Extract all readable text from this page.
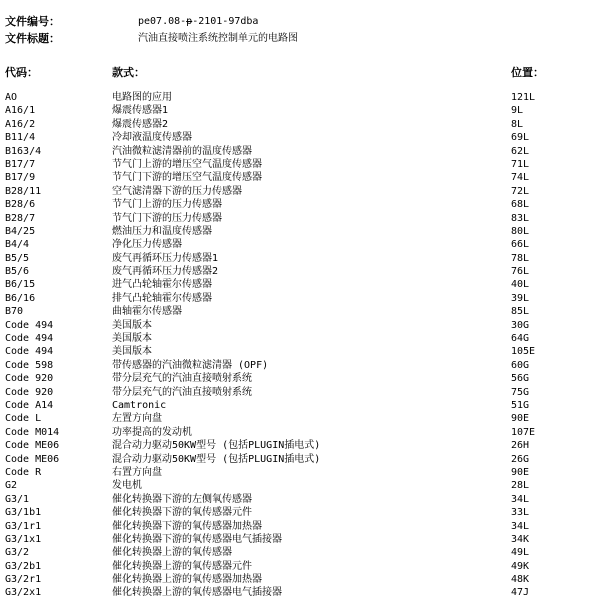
文件编号：	pe07.08-p-2101-97dba
文件标题：	汽油直接喷注系统控制单元的电路图
代码：	款式：	位置：
AO	电路图的应用	121L
A16/1	爆震传感器1	9L
A16/2	爆震传感器2	8L
B11/4	冷却液温度传感器	69L
B163/4	汽油微粒滤清器前的温度传感器	62L
B17/7	节气门上游的增压空气温度传感器	71L
B17/9	节气门下游的增压空气温度传感器	74L
B28/11	空气滤清器下游的压力传感器	72L
B28/6	节气门上游的压力传感器	68L
B28/7	节气门下游的压力传感器	83L
B4/25	燃油压力和温度传感器	80L
B4/4	净化压力传感器	66L
B5/5	废气再循环压力传感器1	78L
B5/6	废气再循环压力传感器2	76L
B6/15	进气凸轮轴霍尔传感器	40L
B6/16	排气凸轮轴霍尔传感器	39L
B70	曲轴霍尔传感器	85L
Code 494	美国版本	30G
Code 494	美国版本	64G
Code 494	美国版本	105E
Code 598	带传感器的汽油微粒滤清器 (OPF)	60G
Code 920	带分层充气的汽油直接喷射系统	56G
Code 920	带分层充气的汽油直接喷射系统	75G
Code A14	Camtronic	51G
Code L	左置方向盘	90E
Code M014	功率提高的发动机	107E
Code ME06	混合动力驱动50KW型号 (包括PLUGIN插电式)	26H
Code ME06	混合动力驱动50KW型号 (包括PLUGIN插电式)	26G
Code R	右置方向盘	90E
G2	发电机	28L
G3/1	催化转换器下游的左侧氧传感器	34L
G3/1b1	催化转换器下游的氧传感器元件	33L
G3/1r1	催化转换器下游的氧传感器加热器	34L
G3/1x1	催化转换器下游的氧传感器电气插接器	34K
G3/2	催化转换器上游的氧传感器	49L
G3/2b1	催化转换器上游的氧传感器元件	49K
G3/2r1	催化转换器上游的氧传感器加热器	48K
G3/2x1	催化转换器上游的氧传感器电气插接器	47J
